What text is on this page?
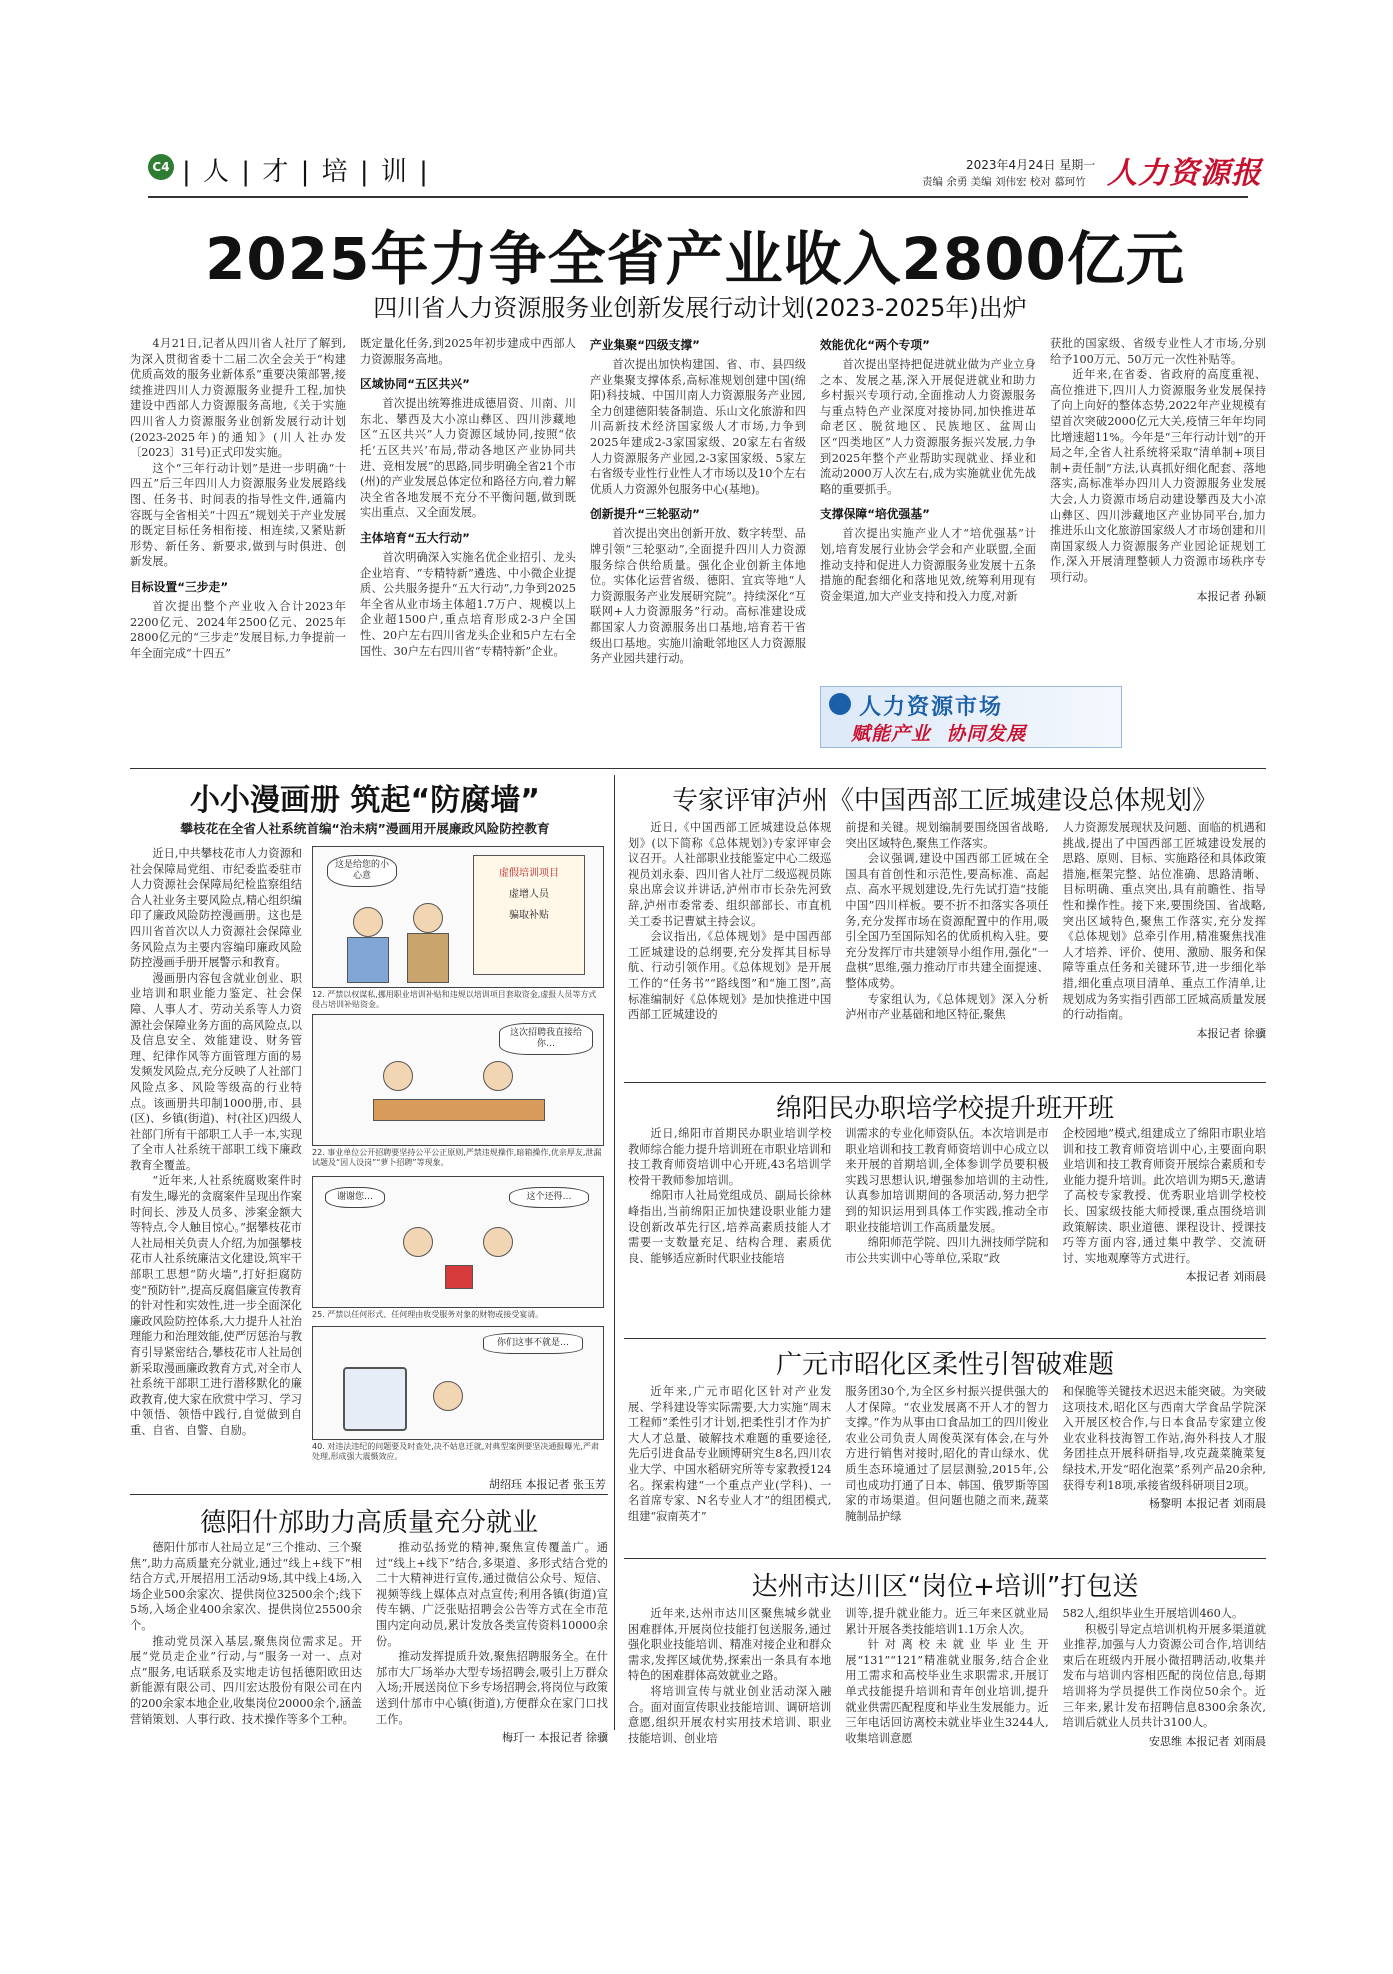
C4 | 人 | 才 | 培 | 训 |	2023年4月24日 星期一
责编 余勇 美编 刘伟宏 校对 慕珂竹 人力资源报
2025年力争全省产业收入2800亿元
四川省人力资源服务业创新发展行动计划(2023-2025年)出炉

4月21日,记者从四川省人社厅了解到,为深入贯彻省委十二届二次全会关于“构建优质高效的服务业新体系”重要决策部署,接续推进四川人力资源服务业提升工程,加快建设中西部人力资源服务高地,《关于实施四川省人力资源服务业创新发展行动计划(2023-2025年)的通知》(川人社办发〔2023〕31号)正式印发实施。

这个“三年行动计划”是进一步明确“十四五”后三年四川人力资源服务业发展路线图、任务书、时间表的指导性文件,通篇内容既与全省相关“十四五”规划关于产业发展的既定目标任务相衔接、相连续,又紧贴新形势、新任务、新要求,做到与时俱进、创新发展。

目标设置“三步走”

首次提出整个产业收入合计2023年2200亿元、2024年2500亿元、2025年2800亿元的“三步走”发展目标,力争提前一年全面完成“十四五”

既定量化任务,到2025年初步建成中西部人力资源服务高地。

区域协同“五区共兴”

首次提出统筹推进成德眉资、川南、川东北、攀西及大小凉山彝区、四川涉藏地区“五区共兴”人力资源区域协同,按照“依托‘五区共兴’布局,带动各地区产业协同共进、竞相发展”的思路,同步明确全省21个市(州)的产业发展总体定位和路径方向,着力解决全省各地发展不充分不平衡问题,做到既实出重点、又全面发展。

主体培育“五大行动”

首次明确深入实施名优企业招引、龙头企业培育、“专精特新”遴选、中小微企业提质、公共服务提升“五大行动”,力争到2025年全省从业市场主体超1.7万户、规模以上企业超1500户,重点培育形成2-3户全国性、20户左右四川省龙头企业和5户左右全国性、30户左右四川省“专精特新”企业。

产业集聚“四级支撑”

首次提出加快构建国、省、市、县四级产业集聚支撑体系,高标准规划创建中国(绵阳)科技城、中国川南人力资源服务产业园,全力创建德阳装备制造、乐山文化旅游和四川高新技术经济国家级人才市场,力争到2025年建成2-3家国家级、20家左右省级人力资源服务产业园,2-3家国家级、5家左右省级专业性行业性人才市场以及10个左右优质人力资源外包服务中心(基地)。

创新提升“三轮驱动”

首次提出突出创新开放、数字转型、品牌引领“三轮驱动”,全面提升四川人力资源服务综合供给质量。强化企业创新主体地位。实体化运营省级、德阳、宜宾等地“人力资源服务产业发展研究院”。持续深化“互联网+人力资源服务”行动。高标准建设成都国家人力资源服务出口基地,培育若干省级出口基地。实施川渝毗邻地区人力资源服务产业园共建行动。

效能优化“两个专项”

首次提出坚持把促进就业做为产业立身之本、发展之基,深入开展促进就业和助力乡村振兴专项行动,全面推动人力资源服务与重点特色产业深度对接协同,加快推进革命老区、脱贫地区、民族地区、盆周山区“四类地区”人力资源服务振兴发展,力争到2025年整个产业帮助实现就业、择业和流动2000万人次左右,成为实施就业优先战略的重要抓手。

支撑保障“培优强基”

首次提出实施产业人才“培优强基”计划,培育发展行业协会学会和产业联盟,全面推动支持和促进人力资源服务业发展十五条措施的配套细化和落地见效,统筹利用现有资金渠道,加大产业支持和投入力度,对新

获批的国家级、省级专业性人才市场,分别给予100万元、50万元一次性补贴等。

近年来,在省委、省政府的高度重视、高位推进下,四川人力资源服务业发展保持了向上向好的整体态势,2022年产业规模有望首次突破2000亿元大关,疫情三年年均同比增速超11%。今年是“三年行动计划”的开局之年,全省人社系统将采取“清单制+项目制+责任制”方法,认真抓好细化配套、落地落实,高标准举办四川人力资源服务业发展大会,人力资源市场启动建设攀西及大小凉山彝区、四川涉藏地区产业协同平台,加力推进乐山文化旅游国家级人才市场创建和川南国家级人力资源服务产业园论证规划工作,深入开展清理整顿人力资源市场秩序专项行动。

本报记者 孙颖
人力资源市场
赋能产业  协同发展
小小漫画册 筑起“防腐墙”
攀枝花在全省人社系统首编“治未病”漫画用开展廉政风险防控教育

近日,中共攀枝花市人力资源和社会保障局党组、市纪委监委驻市人力资源社会保障局纪检监察组结合人社业务主要风险点,精心组织编印了廉政风险防控漫画册。这也是四川省首次以人力资源社会保障业务风险点为主要内容编印廉政风险防控漫画手册开展警示和教育。

漫画册内容包含就业创业、职业培训和职业能力鉴定、社会保障、人事人才、劳动关系等人力资源社会保障业务方面的高风险点,以及信息安全、效能建设、财务管理、纪律作风等方面管理方面的易发频发风险点,充分反映了人社部门风险点多、风险等级高的行业特点。该画册共印制1000册,市、县(区)、乡镇(街道)、村(社区)四级人社部门所有干部职工人手一本,实现了全市人社系统干部职工线下廉政教育全覆盖。

“近年来,人社系统腐败案件时有发生,曝光的贪腐案件呈现出作案时间长、涉及人员多、涉案金额大等特点,令人触目惊心。”据攀枝花市人社局相关负责人介绍,为加强攀枝花市人社系统廉洁文化建设,筑牢干部职工思想“防火墙”,打好拒腐防变“预防针”,提高反腐倡廉宣传教育的针对性和实效性,进一步全面深化廉政风险防控体系,大力提升人社治理能力和治理效能,使严厉惩治与教育引导紧密结合,攀枝花市人社局创新采取漫画廉政教育方式,对全市人社系统干部职工进行潜移默化的廉政教育,使大家在欣赏中学习、学习中领悟、领悟中践行,自觉做到自重、自省、自警、自励。

胡绍珏 本报记者 张玉芳
这是给您的小心意	虚假培训项目
虚增人员
骗取补贴
12. 严禁以权谋私,挪用职业培训补贴和违规以培训项目套取资金,虚报人员等方式侵占培训补贴资金。
这次招聘我直接给你…
22. 事业单位公开招聘要坚持公平公正原则,严禁违规操作,暗箱操作,优亲厚友,泄漏试题及“因人设岗”“萝卜招聘”等现象。
谢谢您…	这个还得…
25. 严禁以任何形式、任何理由收受服务对象的财物或接受宴请。
你们这事不就是…
40. 对违法违纪的问题要及时查处,决不姑息迁就,对典型案例要坚决通报曝光,严肃处理,形成强大震慑效应。
专家评审泸州《中国西部工匠城建设总体规划》

近日,《中国西部工匠城建设总体规划》(以下简称《总体规划》)专家评审会议召开。人社部职业技能鉴定中心二级巡视员刘永泰、四川省人社厅二级巡视员陈泉出席会议并讲话,泸州市市长杂先河致辞,泸州市委常委、组织部部长、市直机关工委书记曹斌主持会议。

会议指出,《总体规划》是中国西部工匠城建设的总纲要,充分发挥其目标导航、行动引领作用。《总体规划》是开展工作的“任务书”“路线图”和“施工图”,高标准编制好《总体规划》是加快推进中国西部工匠城建设的

前提和关键。规划编制要围绕国省战略,突出区域特色,聚焦工作落实。

会议强调,建设中国西部工匠城在全国具有首创性和示范性,要高标准、高起点、高水平规划建设,先行先试打造“技能中国”四川样板。要不折不扣落实各项任务,充分发挥市场在资源配置中的作用,吸引全国乃至国际知名的优质机构入驻。要充分发挥厅市共建领导小组作用,强化“一盘棋”思维,强力推动厅市共建全面提速、整体成势。

专家组认为,《总体规划》深入分析泸州市产业基础和地区特征,聚焦

人力资源发展现状及问题、面临的机遇和挑战,提出了中国西部工匠城建设发展的思路、原则、目标、实施路径和具体政策措施,框架完整、站位准确、思路清晰、目标明确、重点突出,具有前瞻性、指导性和操作性。接下来,要围绕国、省战略,突出区域特色,聚焦工作落实,充分发挥《总体规划》总牵引作用,精准聚焦找准人才培养、评价、使用、激励、服务和保障等重点任务和关键环节,进一步细化举措,细化重点项目清单、重点工作清单,让规划成为务实指引西部工匠城高质量发展的行动指南。

本报记者 徐骥
绵阳民办职培学校提升班开班

近日,绵阳市首期民办职业培训学校教师综合能力提升培训班在市职业培训和技工教育师资培训中心开班,43名培训学校骨干教师参加培训。

绵阳市人社局党组成员、副局长徐林峰指出,当前绵阳正加快建设职业能力建设创新改革先行区,培养高素质技能人才需要一支数量充足、结构合理、素质优良、能够适应新时代职业技能培

训需求的专业化师资队伍。本次培训是市职业培训和技工教育师资培训中心成立以来开展的首期培训,全体参训学员要积极实践习思想认识,增强参加培训的主动性,认真参加培训期间的各项活动,努力把学到的知识运用到具体工作实践,推动全市职业技能培训工作高质量发展。

绵阳师范学院、四川九洲技师学院和市公共实训中心等单位,采取“政

企校园地”模式,组建成立了绵阳市职业培训和技工教育师资培训中心,主要面向职业培训和技工教育师资开展综合素质和专业能力提升培训。此次培训为期5天,邀请了高校专家教授、优秀职业培训学校校长、国家级技能大师授课,重点围绕培训政策解读、职业道德、课程设计、授课技巧等方面内容,通过集中教学、交流研讨、实地观摩等方式进行。

本报记者 刘雨晨
广元市昭化区柔性引智破难题

近年来,广元市昭化区针对产业发展、学科建设等实际需要,大力实施“周末工程师”柔性引才计划,把柔性引才作为扩大人才总量、破解技术难题的重要途径,先后引进食品专业顾博研究生8名,四川农业大学、中国水稻研究所等专家教授124名。探索构建“一个重点产业(学科)、一名首席专家、N名专业人才”的组团模式,组建“寂南英才”

服务团30个,为全区乡村振兴提供强大的人才保障。“农业发展离不开人才的智力支撑。”作为从事由口食品加工的四川俊业农业公司负责人周俊英深有体会,在与外方进行销售对接时,昭化的青山绿水、优质生态环境通过了层层测验,2015年,公司也成功打通了日本、韩国、俄罗斯等国家的市场渠道。但问题也随之而来,蔬菜腌制品护绿

和保脆等关键技术迟迟未能突破。为突破这项技术,昭化区与西南大学食品学院深入开展区校合作,与日本食品专家建立俊业农业科技海智工作站,海外科技人才服务团挂点开展科研指导,攻克蔬菜腌菜复绿技术,开发“昭化泡菜”系列产品20余种,获得专利18项,承接省级科研项目2项。

杨黎明 本报记者 刘雨晨
德阳什邡助力高质量充分就业

德阳什邡市人社局立足“三个推动、三个聚焦”,助力高质量充分就业,通过“线上+线下”相结合方式,开展招用工活动9场,其中线上4场,入场企业500余家次、提供岗位32500余个;线下5场,入场企业400余家次、提供岗位25500余个。

推动党员深入基层,聚焦岗位需求足。开展“党员走企业”行动,与“服务一对一、点对点”服务,电话联系及实地走访包括德阳欧田达新能源有限公司、四川宏达股份有限公司在内的200余家本地企业,收集岗位20000余个,涵盖营销策划、人事行政、技术操作等多个工种。

推动弘扬党的精神,聚焦宣传覆盖广。通过“线上+线下”结合,多渠道、多形式结合党的二十大精神进行宣传,通过微信公众号、短信、视频等线上媒体点对点宣传;利用各镇(街道)宣传车辆、广泛张贴招聘会公告等方式在全市范围内定向动员,累计发放各类宣传资料10000余份。

推动发挥提质升效,聚焦招聘服务全。在什邡市大厂场举办大型专场招聘会,吸引上万群众入场;开展送岗位下乡专场招聘会,将岗位与政策送到什邡市中心镇(街道),方便群众在家门口找工作。

梅玎一 本报记者 徐骥
达州市达川区“岗位+培训”打包送

近年来,达州市达川区聚焦城乡就业困难群体,开展岗位技能打包送服务,通过强化职业技能培训、精准对接企业和群众需求,发挥区域优势,探索出一条具有本地特色的困难群体高效就业之路。

将培训宣传与就业创业活动深入融合。面对面宣传职业技能培训、调研培训意愿,组织开展农村实用技术培训、职业技能培训、创业培

训等,提升就业能力。近三年来区就业局累计开展各类技能培训1.1万余人次。

针对离校未就业毕业生开展“131”“121”精准就业服务,结合企业用工需求和高校毕业生求职需求,开展订单式技能提升培训和青年创业培训,提升就业供需匹配程度和毕业生发展能力。近三年电话回访离校未就业毕业生3244人,收集培训意愿

582人,组织毕业生开展培训460人。

积极引导定点培训机构开展多渠道就业推荐,加强与人力资源公司合作,培训结束后在班级内开展小微招聘活动,收集并发布与培训内容相匹配的岗位信息,每期培训将为学员提供工作岗位50余个。近三年来,累计发布招聘信息8300余条次,培训后就业人员共计3100人。

安思维 本报记者 刘雨晨
